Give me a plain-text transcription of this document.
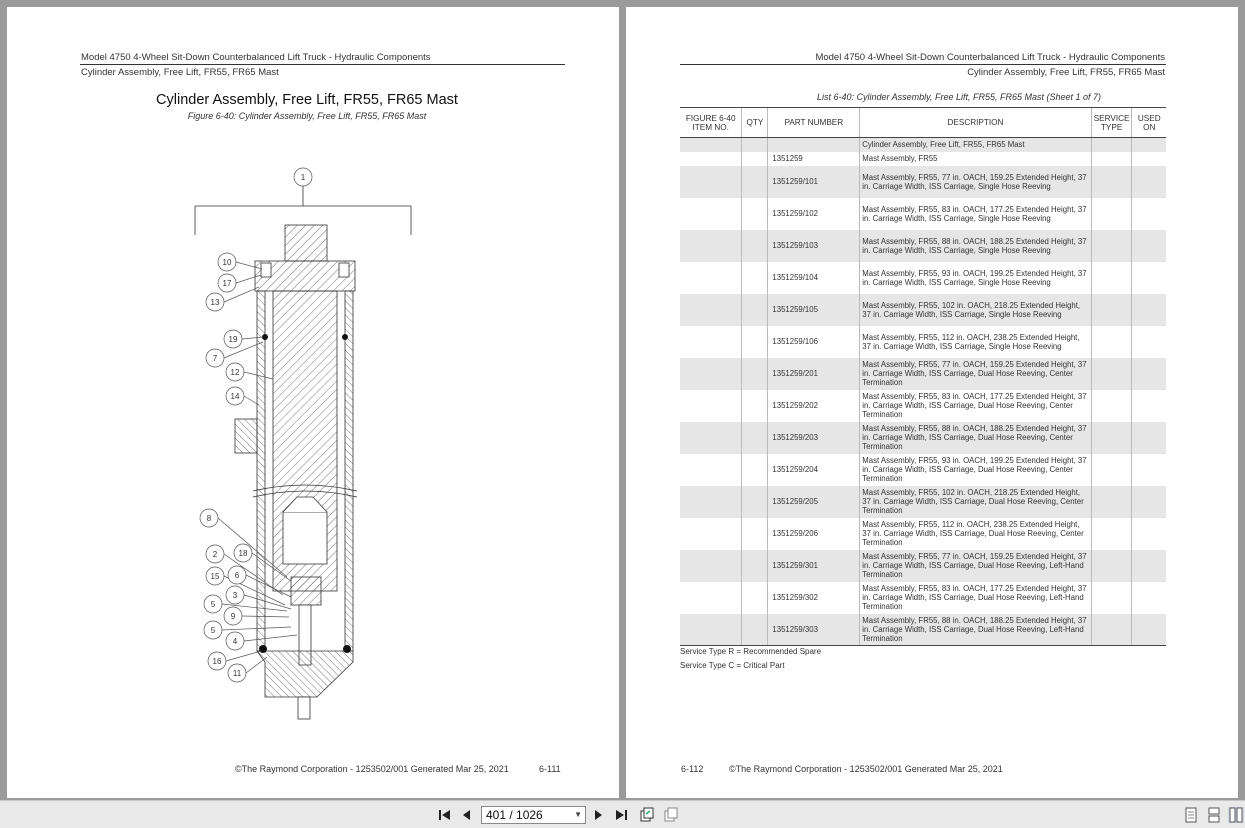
Model 4750 4-Wheel Sit-Down Counterbalanced Lift Truck - Hydraulic Components
Cylinder Assembly, Free Lift, FR55, FR65 Mast
Cylinder Assembly, Free Lift, FR55, FR65 Mast
Figure 6-40: Cylinder Assembly, Free Lift, FR55, FR65 Mast
1
10
17
13
19
7
12
14
8
2	18
15 6
3
5
9
5
4
16
11
©The Raymond Corporation - 1253502/001 Generated Mar 25, 2021	6-111
Model 4750 4-Wheel Sit-Down Counterbalanced Lift Truck - Hydraulic Components
Cylinder Assembly, Free Lift, FR55, FR65 Mast
List 6-40: Cylinder Assembly, Free Lift, FR55, FR65 Mast (Sheet 1 of 7)
FIGURE 6-40 ITEM NO.	QTY	PART NUMBER	DESCRIPTION	SERVICE TYPE	USED ON
			Cylinder Assembly, Free Lift, FR55, FR65 Mast		
		1351259	Mast Assembly, FR55		
		1351259/101	Mast Assembly, FR55, 77 in. OACH, 159.25 Extended Height, 37 in. Carriage Width, ISS Carriage, Single Hose Reeving		
		1351259/102	Mast Assembly, FR55, 83 in. OACH, 177.25 Extended Height, 37 in. Carriage Width, ISS Carriage, Single Hose Reeving		
		1351259/103	Mast Assembly, FR55, 88 in. OACH, 188.25 Extended Height, 37 in. Carriage Width, ISS Carriage, Single Hose Reeving		
		1351259/104	Mast Assembly, FR55, 93 in. OACH, 199.25 Extended Height, 37 in. Carriage Width, ISS Carriage, Single Hose Reeving		
		1351259/105	Mast Assembly, FR55, 102 in. OACH, 218.25 Extended Height, 37 in. Carriage Width, ISS Carriage, Single Hose Reeving		
		1351259/106	Mast Assembly, FR55, 112 in. OACH, 238.25 Extended Height, 37 in. Carriage Width, ISS Carriage, Single Hose Reeving		
		1351259/201	Mast Assembly, FR55, 77 in. OACH, 159.25 Extended Height, 37 in. Carriage Width, ISS Carriage, Dual Hose Reeving, Center Termination		
		1351259/202	Mast Assembly, FR55, 83 in. OACH, 177.25 Extended Height, 37 in. Carriage Width, ISS Carriage, Dual Hose Reeving, Center Termination		
		1351259/203	Mast Assembly, FR55, 88 in. OACH, 188.25 Extended Height, 37 in. Carriage Width, ISS Carriage, Dual Hose Reeving, Center Termination		
		1351259/204	Mast Assembly, FR55, 93 in. OACH, 199.25 Extended Height, 37 in. Carriage Width, ISS Carriage, Dual Hose Reeving, Center Termination		
		1351259/205	Mast Assembly, FR55, 102 in. OACH, 218.25 Extended Height, 37 in. Carriage Width, ISS Carriage, Dual Hose Reeving, Center Termination		
		1351259/206	Mast Assembly, FR55, 112 in. OACH, 238.25 Extended Height, 37 in. Carriage Width, ISS Carriage, Dual Hose Reeving, Center Termination		
		1351259/301	Mast Assembly, FR55, 77 in. OACH, 159.25 Extended Height, 37 in. Carriage Width, ISS Carriage, Dual Hose Reeving, Left-Hand Termination		
		1351259/302	Mast Assembly, FR55, 83 in. OACH, 177.25 Extended Height, 37 in. Carriage Width, ISS Carriage, Dual Hose Reeving, Left-Hand Termination		
		1351259/303	Mast Assembly, FR55, 88 in. OACH, 188.25 Extended Height, 37 in. Carriage Width, ISS Carriage, Dual Hose Reeving, Left-Hand Termination		
Service Type R = Recommended Spare
Service Type C = Critical Part
6-112	©The Raymond Corporation - 1253502/001 Generated Mar 25, 2021
401 / 1026	▼
